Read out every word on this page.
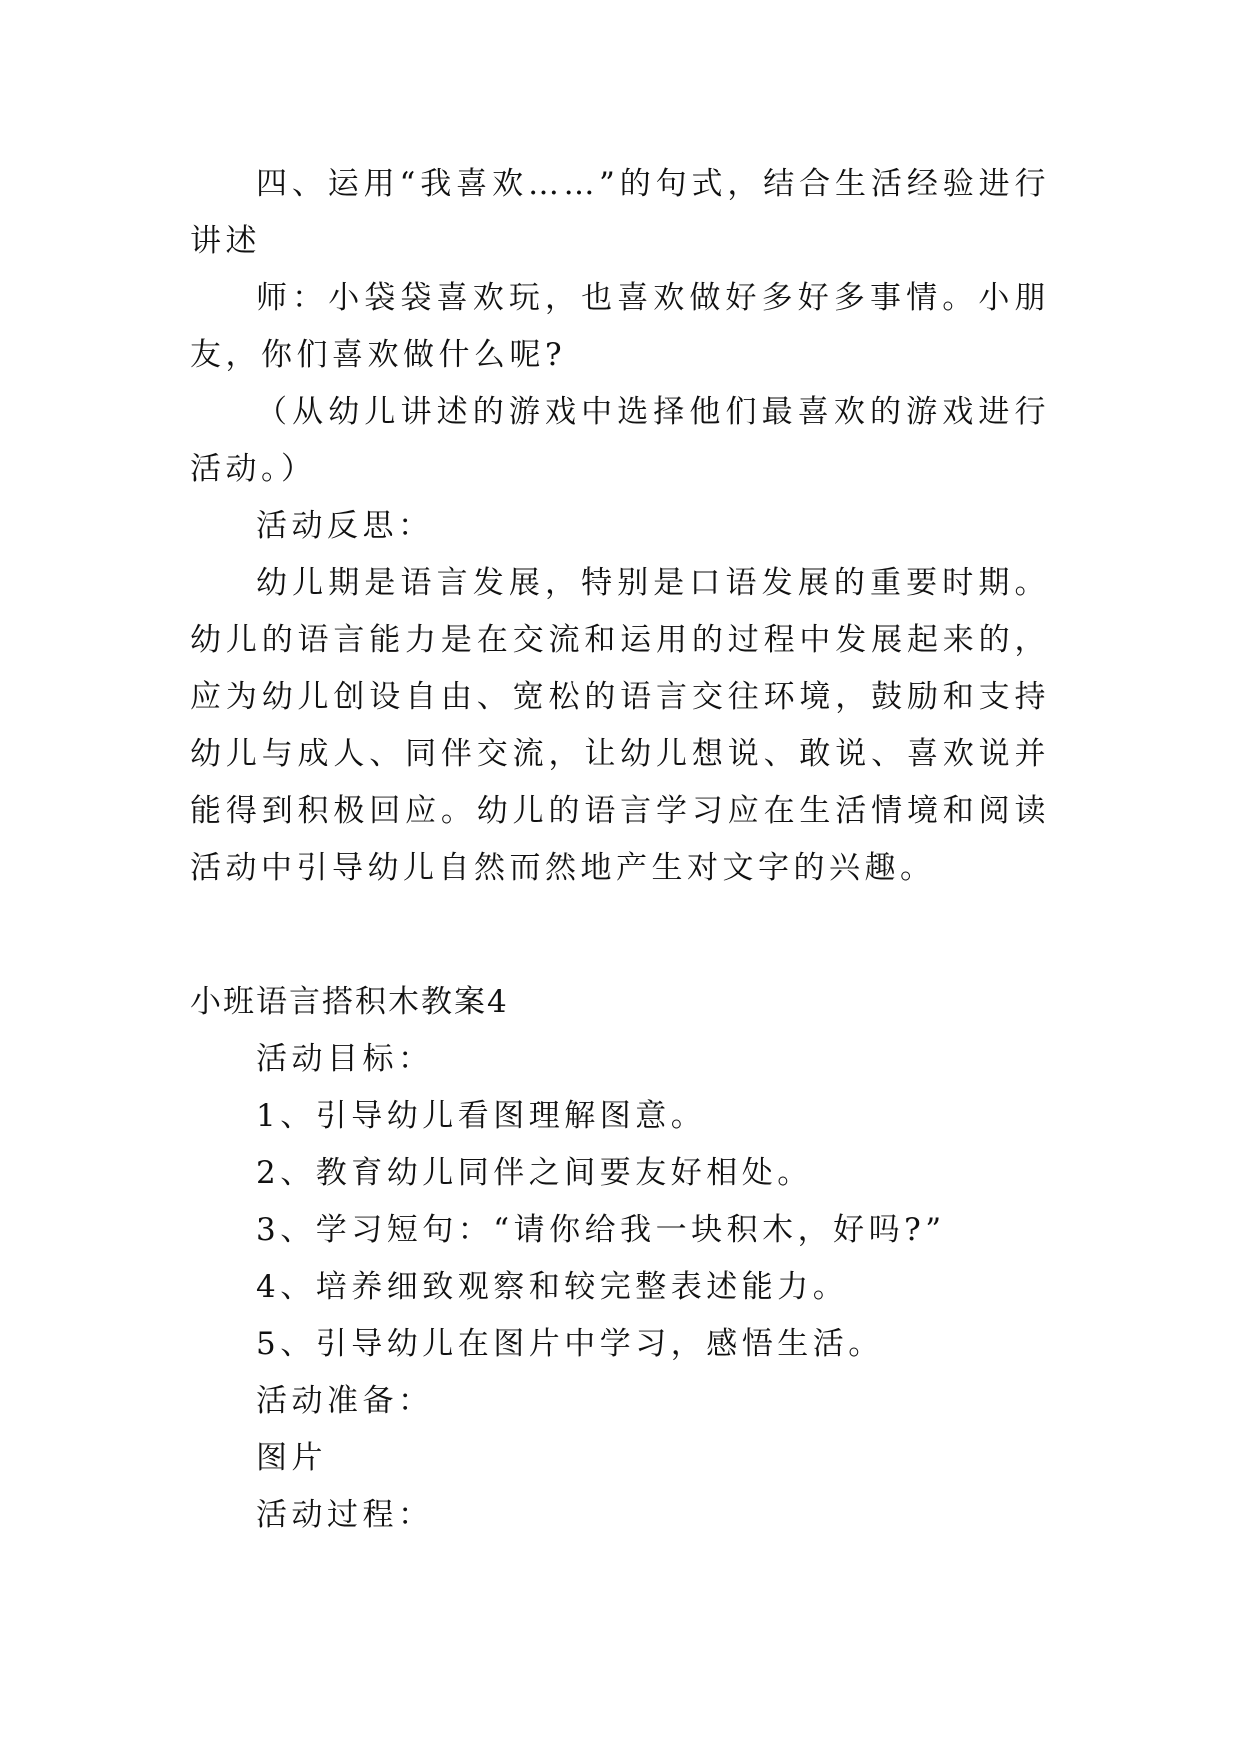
四、运用“我喜欢……”的句式，结合生活经验进行讲述

师：小袋袋喜欢玩，也喜欢做好多好多事情。小朋友，你们喜欢做什么呢?

（从幼儿讲述的游戏中选择他们最喜欢的游戏进行活动。）

活动反思：

幼儿期是语言发展，特别是口语发展的重要时期。幼儿的语言能力是在交流和运用的过程中发展起来的，应为幼儿创设自由、宽松的语言交往环境，鼓励和支持幼儿与成人、同伴交流，让幼儿想说、敢说、喜欢说并能得到积极回应。幼儿的语言学习应在生活情境和阅读活动中引导幼儿自然而然地产生对文字的兴趣。

小班语言搭积木教案4

活动目标：

1、引导幼儿看图理解图意。

2、教育幼儿同伴之间要友好相处。

3、学习短句：“请你给我一块积木，好吗?”

4、培养细致观察和较完整表述能力。

5、引导幼儿在图片中学习，感悟生活。

活动准备：

图片

活动过程：
